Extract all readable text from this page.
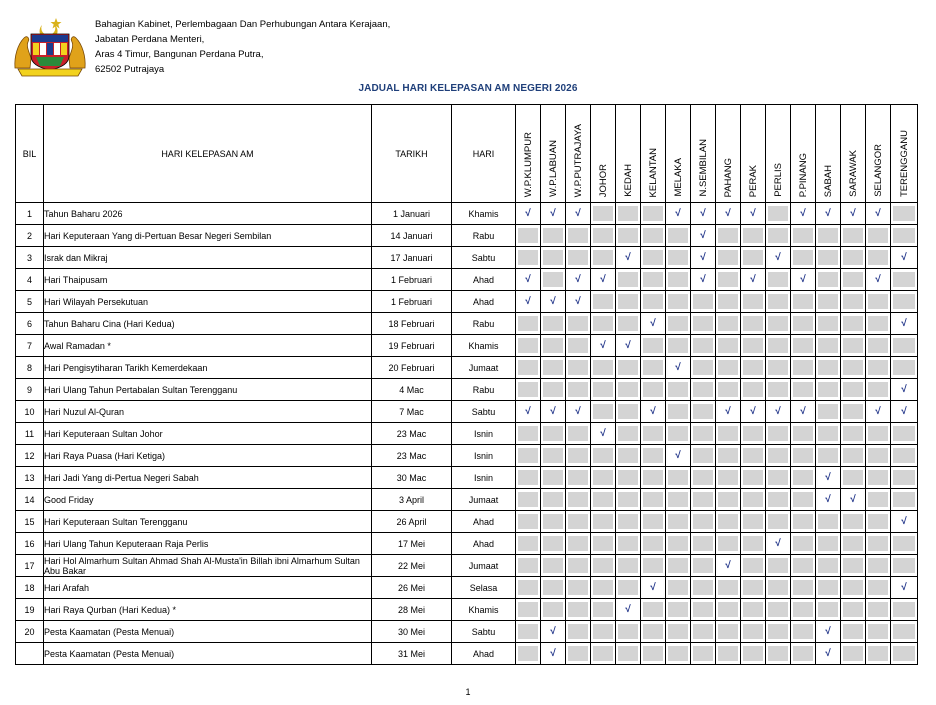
Bahagian Kabinet, Perlembagaan Dan Perhubungan Antara Kerajaan,
Jabatan Perdana Menteri,
Aras 4 Timur, Bangunan Perdana Putra,
62502 Putrajaya
JADUAL HARI KELEPASAN AM NEGERI 2026
BIL	HARI KELEPASAN AM	TARIKH	HARI	W.P.KLUMPUR	W.P.LABUAN	W.P.PUTRAJAYA	JOHOR	KEDAH	KELANTAN	MELAKA	N.SEMBILAN	PAHANG	PERAK	PERLIS	P.PINANG	SABAH	SARAWAK	SELANGOR	TERENGGANU
1	Tahun Baharu 2026	1 Januari	Khamis	√	√	√				√	√	√	√		√	√	√	√	

2	Hari Keputeraan Yang di-Pertuan Besar Negeri Sembilan	14 Januari	Rabu								√	

3	Israk dan Mikraj	17 Januari	Sabtu					√			√			√					√
4	Hari Thaipusam	1 Februari	Ahad	√		√	√				√		√		√			√	

5	Hari Wilayah Persekutuan	1 Februari	Ahad	√	√	√	

6	Tahun Baharu Cina (Hari Kedua)	18 Februari	Rabu						√										√
7	Awal Ramadan *	19 Februari	Khamis				√	√	

8	Hari Pengisytiharan Tarikh Kemerdekaan	20 Februari	Jumaat							√	

9	Hari Ulang Tahun Pertabalan Sultan Terengganu	4 Mac	Rabu																√
10	Hari Nuzul Al-Quran	7 Mac	Sabtu	√	√	√			√			√	√	√	√			√	√
11	Hari Keputeraan Sultan Johor	23 Mac	Isnin				√	

12	Hari Raya Puasa (Hari Ketiga)	23 Mac	Isnin							√	

13	Hari Jadi Yang di-Pertua Negeri Sabah	30 Mac	Isnin													√	

14	Good Friday	3 April	Jumaat													√	√	

15	Hari Keputeraan Sultan Terengganu	26 April	Ahad																√
16	Hari Ulang Tahun Keputeraan Raja Perlis	17 Mei	Ahad											√	

17	Hari Hol Almarhum Sultan Ahmad Shah Al-Musta'in Billah ibni Almarhum Sultan Abu Bakar	22 Mei	Jumaat									√	

18	Hari Arafah	26 Mei	Selasa						√										√
19	Hari Raya Qurban (Hari Kedua) *	28 Mei	Khamis					√	

20	Pesta Kaamatan (Pesta Menuai)	30 Mei	Sabtu		√											√	

	Pesta Kaamatan (Pesta Menuai)	31 Mei	Ahad		√											√	

1
